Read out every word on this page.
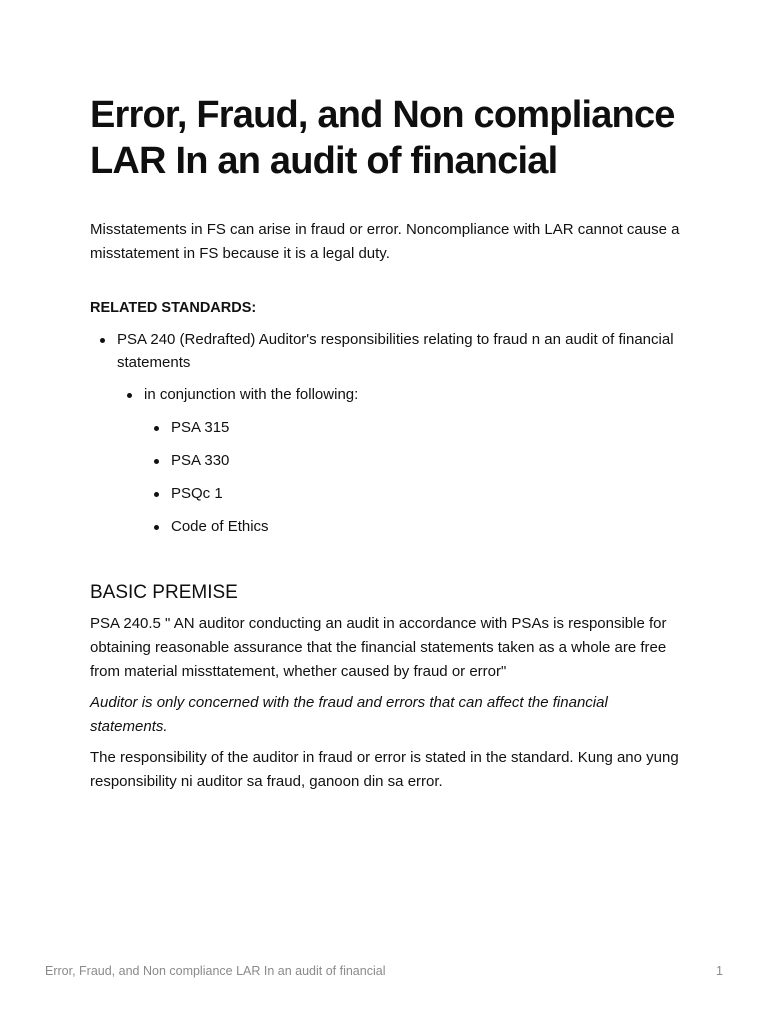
Error, Fraud, and Non compliance LAR In an audit of financial

Misstatements in FS can arise in fraud or error. Noncompliance with LAR cannot cause a misstatement in FS because it is a legal duty.

RELATED STANDARDS:

PSA 240 (Redrafted) Auditor's responsibilities relating to fraud n an audit of financial statements
in conjunction with the following:
PSA 315
PSA 330
PSQc 1
Code of Ethics
BASIC PREMISE

PSA 240.5 " AN auditor conducting an audit in accordance with PSAs is responsible for obtaining reasonable assurance that the financial statements taken as a whole are free from material missttatement, whether caused by fraud or error"

Auditor is only concerned with the fraud and errors that can affect the financial statements.

The responsibility of the auditor in fraud or error is stated in the standard. Kung ano yung responsibility ni auditor sa fraud, ganoon din sa error.

Error, Fraud, and Non compliance LAR In an audit of financial	1
